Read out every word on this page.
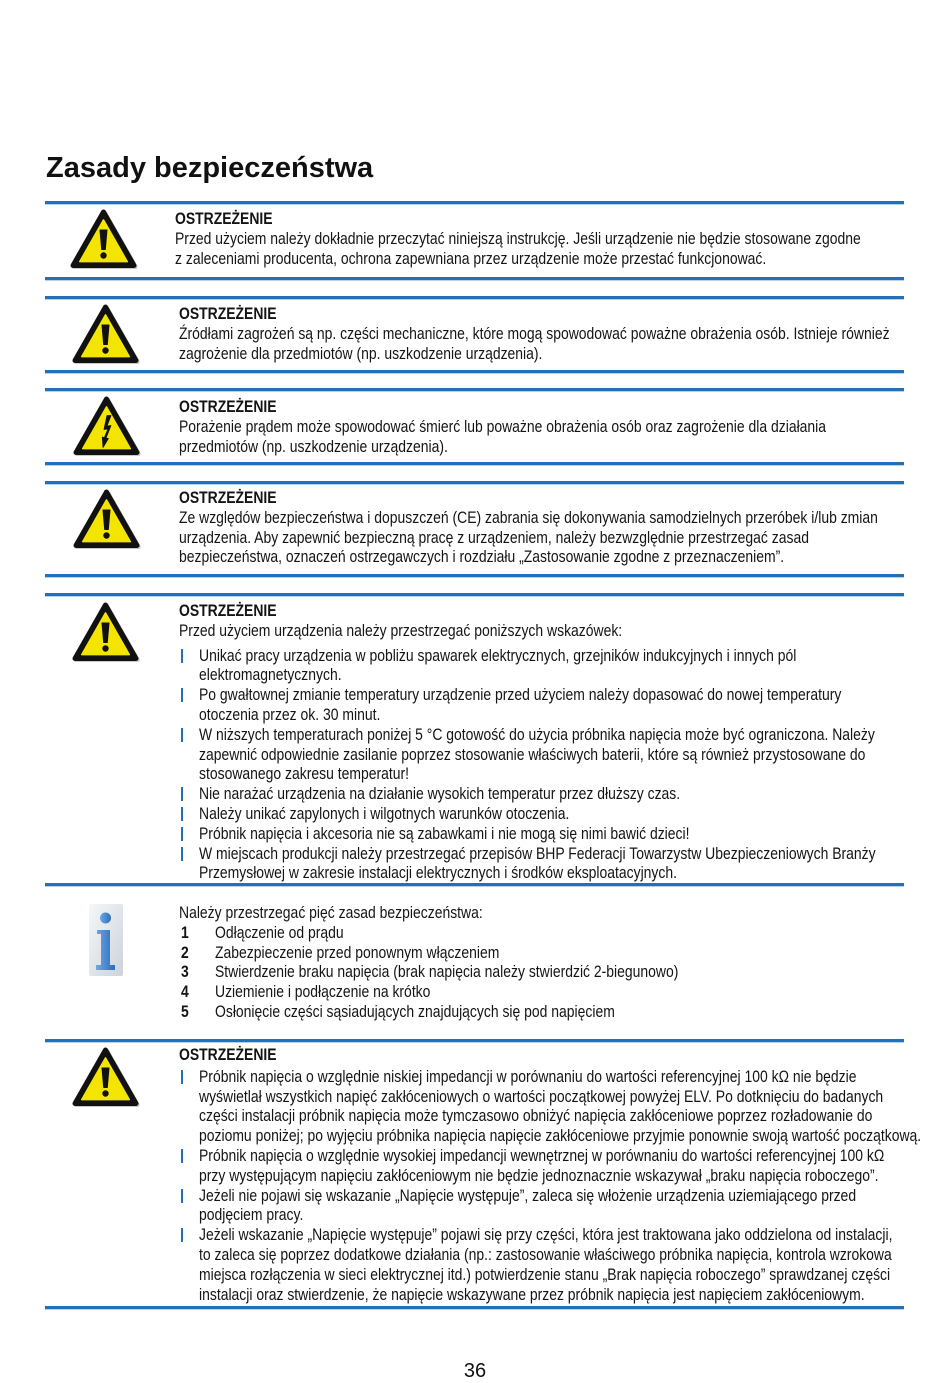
Zasady bezpieczeństwa
OSTRZEŻENIE
Przed użyciem należy dokładnie przeczytać niniejszą instrukcję. Jeśli urządzenie nie będzie stosowane zgodne
z zaleceniami producenta, ochrona zapewniana przez urządzenie może przestać funkcjonować.
OSTRZEŻENIE
Źródłami zagrożeń są np. części mechaniczne, które mogą spowodować poważne obrażenia osób. Istnieje również
zagrożenie dla przedmiotów (np. uszkodzenie urządzenia).
OSTRZEŻENIE
Porażenie prądem może spowodować śmierć lub poważne obrażenia osób oraz zagrożenie dla działania
przedmiotów (np. uszkodzenie urządzenia).
OSTRZEŻENIE
Ze względów bezpieczeństwa i dopuszczeń (CE) zabrania się dokonywania samodzielnych przeróbek i/lub zmian
urządzenia. Aby zapewnić bezpieczną pracę z urządzeniem, należy bezwzględnie przestrzegać zasad
bezpieczeństwa, oznaczeń ostrzegawczych i rozdziału „Zastosowanie zgodne z przeznaczeniem”.
OSTRZEŻENIE
Przed użyciem urządzenia należy przestrzegać poniższych wskazówek:
Unikać pracy urządzenia w pobliżu spawarek elektrycznych, grzejników indukcyjnych i innych pól
elektromagnetycznych.
Po gwałtownej zmianie temperatury urządzenie przed użyciem należy dopasować do nowej temperatury
otoczenia przez ok. 30 minut.
W niższych temperaturach poniżej 5 °C gotowość do użycia próbnika napięcia może być ograniczona. Należy
zapewnić odpowiednie zasilanie poprzez stosowanie właściwych baterii, które są również przystosowane do
stosowanego zakresu temperatur!
Nie narażać urządzenia na działanie wysokich temperatur przez dłuższy czas.
Należy unikać zapylonych i wilgotnych warunków otoczenia.
Próbnik napięcia i akcesoria nie są zabawkami i nie mogą się nimi bawić dzieci!
W miejscach produkcji należy przestrzegać przepisów BHP Federacji Towarzystw Ubezpieczeniowych Branży
Przemysłowej w zakresie instalacji elektrycznych i środków eksploatacyjnych.
Należy przestrzegać pięć zasad bezpieczeństwa:
1 Odłączenie od prądu
2 Zabezpieczenie przed ponownym włączeniem
3 Stwierdzenie braku napięcia (brak napięcia należy stwierdzić 2-biegunowo)
4 Uziemienie i podłączenie na krótko
5 Osłonięcie części sąsiadujących znajdujących się pod napięciem
OSTRZEŻENIE
Próbnik napięcia o względnie niskiej impedancji w porównaniu do wartości referencyjnej 100 kΩ nie będzie
wyświetlał wszystkich napięć zakłóceniowych o wartości początkowej powyżej ELV. Po dotknięciu do badanych
części instalacji próbnik napięcia może tymczasowo obniżyć napięcia zakłóceniowe poprzez rozładowanie do
poziomu poniżej; po wyjęciu próbnika napięcia napięcie zakłóceniowe przyjmie ponownie swoją wartość początkową.
Próbnik napięcia o względnie wysokiej impedancji wewnętrznej w porównaniu do wartości referencyjnej 100 kΩ
przy występującym napięciu zakłóceniowym nie będzie jednoznacznie wskazywał „braku napięcia roboczego”.
Jeżeli nie pojawi się wskazanie „Napięcie występuje”, zaleca się włożenie urządzenia uziemiającego przed
podjęciem pracy.
Jeżeli wskazanie „Napięcie występuje” pojawi się przy części, która jest traktowana jako oddzielona od instalacji,
to zaleca się poprzez dodatkowe działania (np.: zastosowanie właściwego próbnika napięcia, kontrola wzrokowa
miejsca rozłączenia w sieci elektrycznej itd.) potwierdzenie stanu „Brak napięcia roboczego” sprawdzanej części
instalacji oraz stwierdzenie, że napięcie wskazywane przez próbnik napięcia jest napięciem zakłóceniowym.
36
